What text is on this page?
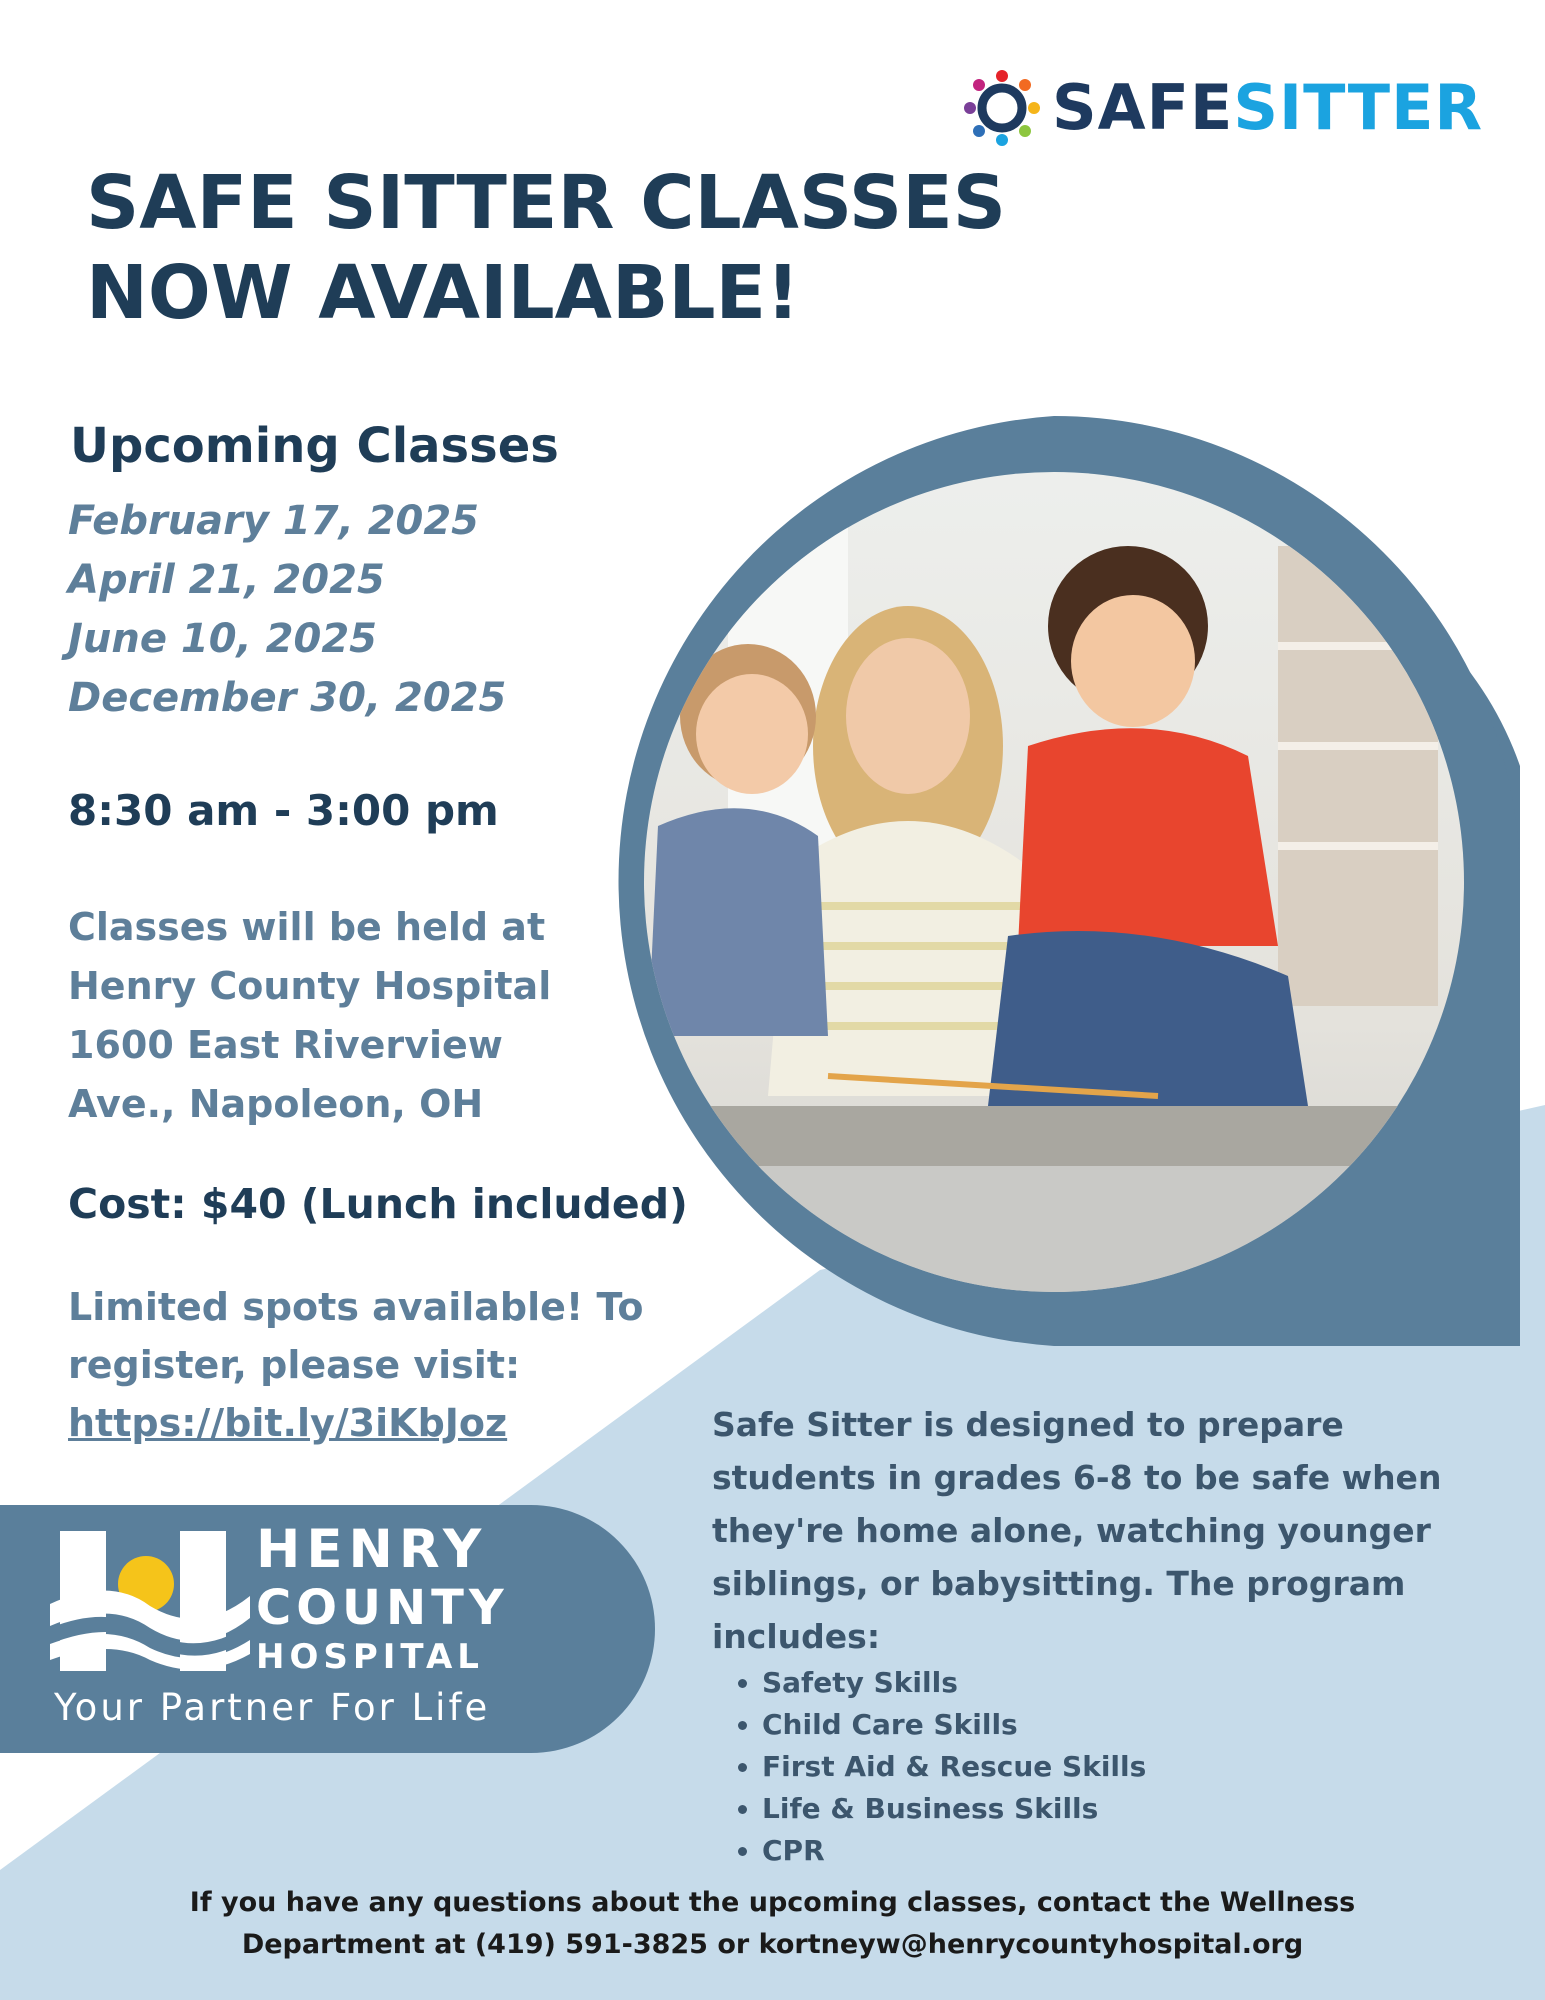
SAFESITTER
SAFE SITTER CLASSES
NOW AVAILABLE!
Upcoming Classes
February 17, 2025
April 21, 2025
June 10, 2025
December 30, 2025
8:30 am - 3:00 pm
Classes will be held at
Henry County Hospital
1600 East Riverview
Ave., Napoleon, OH
Cost: $40 (Lunch included)
Limited spots available! To
register, please visit:
https://bit.ly/3iKbJoz
HENRY
COUNTY
HOSPITAL
Your Partner For Life

Safe Sitter is designed to prepare students in grades 6-8 to be safe when they're home alone, watching younger siblings, or babysitting. The program includes:

• Safety Skills
• Child Care Skills
• First Aid & Rescue Skills
• Life & Business Skills
• CPR
If you have any questions about the upcoming classes, contact the Wellness
Department at (419) 591-3825 or kortneyw@henrycountyhospital.org
